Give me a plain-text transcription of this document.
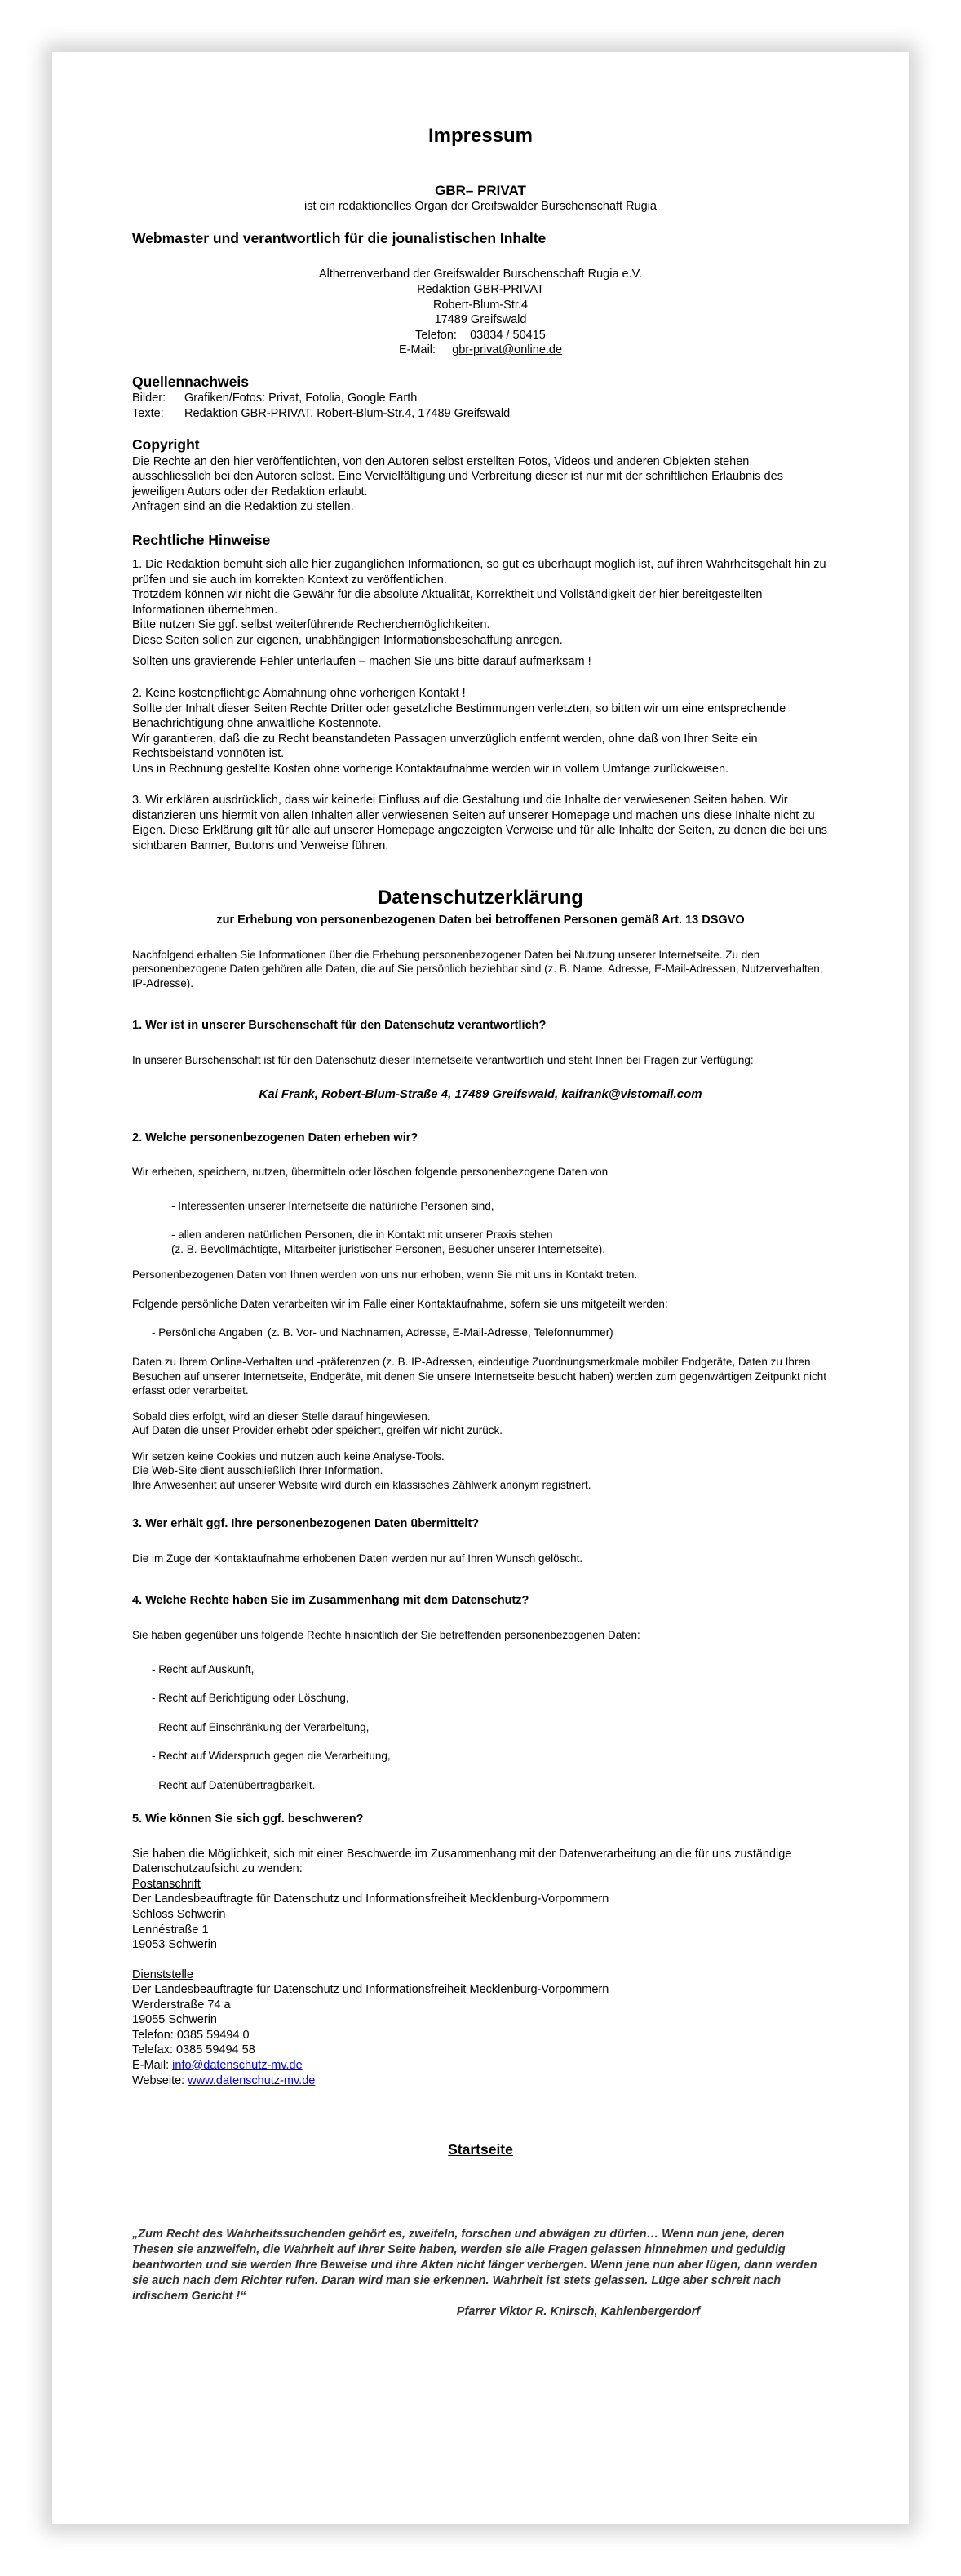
Impressum
GBR– PRIVAT
ist ein redaktionelles Organ der Greifswalder Burschenschaft Rugia
Webmaster und verantwortlich für die jounalistischen Inhalte

Altherrenverband der Greifswalder Burschenschaft Rugia e.V.

Redaktion GBR-PRIVAT

Robert-Blum-Str.4

17489 Greifswald

Telefon: 03834 / 50415

E-Mail: gbr-privat@online.de

Quellennachweis

Bilder: Grafiken/Fotos: Privat, Fotolia, Google Earth

Texte: Redaktion GBR-PRIVAT, Robert-Blum-Str.4, 17489 Greifswald

Copyright

Die Rechte an den hier veröffentlichten, von den Autoren selbst erstellten Fotos, Videos und anderen Objekten stehen ausschliesslich bei den Autoren selbst. Eine Vervielfältigung und Verbreitung dieser ist nur mit der schriftlichen Erlaubnis des jeweiligen Autors oder der Redaktion erlaubt.

Anfragen sind an die Redaktion zu stellen.

Rechtliche Hinweise

1. Die Redaktion bemüht sich alle hier zugänglichen Informationen, so gut es überhaupt möglich ist, auf ihren Wahrheitsgehalt hin zu prüfen und sie auch im korrekten Kontext zu veröffentlichen.

Trotzdem können wir nicht die Gewähr für die absolute Aktualität, Korrektheit und Vollständigkeit der hier bereitgestellten Informationen übernehmen.

Bitte nutzen Sie ggf. selbst weiterführende Recherchemöglichkeiten.

Diese Seiten sollen zur eigenen, unabhängigen Informationsbeschaffung anregen.

Sollten uns gravierende Fehler unterlaufen – machen Sie uns bitte darauf aufmerksam !

2. Keine kostenpflichtige Abmahnung ohne vorherigen Kontakt !

Sollte der Inhalt dieser Seiten Rechte Dritter oder gesetzliche Bestimmungen verletzten, so bitten wir um eine entsprechende Benachrichtigung ohne anwaltliche Kostennote.

Wir garantieren, daß die zu Recht beanstandeten Passagen unverzüglich entfernt werden, ohne daß von Ihrer Seite ein Rechtsbeistand vonnöten ist.

Uns in Rechnung gestellte Kosten ohne vorherige Kontaktaufnahme werden wir in vollem Umfange zurückweisen.

3. Wir erklären ausdrücklich, dass wir keinerlei Einfluss auf die Gestaltung und die Inhalte der verwiesenen Seiten haben. Wir distanzieren uns hiermit von allen Inhalten aller verwiesenen Seiten auf unserer Homepage und machen uns diese Inhalte nicht zu Eigen. Diese Erklärung gilt für alle auf unserer Homepage angezeigten Verweise und für alle Inhalte der Seiten, zu denen die bei uns sichtbaren Banner, Buttons und Verweise führen.

Datenschutzerklärung
zur Erhebung von personenbezogenen Daten bei betroffenen Personen gemäß Art. 13 DSGVO

Nachfolgend erhalten Sie Informationen über die Erhebung personenbezogener Daten bei Nutzung unserer Internetseite. Zu den personenbezogene Daten gehören alle Daten, die auf Sie persönlich beziehbar sind (z. B. Name, Adresse, E-Mail-Adressen, Nutzerverhalten, IP-Adresse).

1. Wer ist in unserer Burschenschaft für den Datenschutz verantwortlich?

In unserer Burschenschaft ist für den Datenschutz dieser Internetseite verantwortlich und steht Ihnen bei Fragen zur Verfügung:

Kai Frank, Robert-Blum-Straße 4, 17489 Greifswald, kaifrank@vistomail.com

2. Welche personenbezogenen Daten erheben wir?

Wir erheben, speichern, nutzen, übermitteln oder löschen folgende personenbezogene Daten von

- Interessenten unserer Internetseite die natürliche Personen sind,

- allen anderen natürlichen Personen, die in Kontakt mit unserer Praxis stehen

(z. B. Bevollmächtigte, Mitarbeiter juristischer Personen, Besucher unserer Internetseite).

Personenbezogenen Daten von Ihnen werden von uns nur erhoben, wenn Sie mit uns in Kontakt treten.

Folgende persönliche Daten verarbeiten wir im Falle einer Kontaktaufnahme, sofern sie uns mitgeteilt werden:

- Persönliche Angaben (z. B. Vor- und Nachnamen, Adresse, E-Mail-Adresse, Telefonnummer)

Daten zu Ihrem Online-Verhalten und -präferenzen (z. B. IP-Adressen, eindeutige Zuordnungsmerkmale mobiler Endgeräte, Daten zu Ihren Besuchen auf unserer Internetseite, Endgeräte, mit denen Sie unsere Internetseite besucht haben) werden zum gegenwärtigen Zeitpunkt nicht erfasst oder verarbeitet.

Sobald dies erfolgt, wird an dieser Stelle darauf hingewiesen.

Auf Daten die unser Provider erhebt oder speichert, greifen wir nicht zurück.

Wir setzen keine Cookies und nutzen auch keine Analyse-Tools.

Die Web-Site dient ausschließlich Ihrer Information.

Ihre Anwesenheit auf unserer Website wird durch ein klassisches Zählwerk anonym registriert.

3. Wer erhält ggf. Ihre personenbezogenen Daten übermittelt?

Die im Zuge der Kontaktaufnahme erhobenen Daten werden nur auf Ihren Wunsch gelöscht.

4. Welche Rechte haben Sie im Zusammenhang mit dem Datenschutz?

Sie haben gegenüber uns folgende Rechte hinsichtlich der Sie betreffenden personenbezogenen Daten:

- Recht auf Auskunft,

- Recht auf Berichtigung oder Löschung,

- Recht auf Einschränkung der Verarbeitung,

- Recht auf Widerspruch gegen die Verarbeitung,

- Recht auf Datenübertragbarkeit.

5. Wie können Sie sich ggf. beschweren?

Sie haben die Möglichkeit, sich mit einer Beschwerde im Zusammenhang mit der Datenverarbeitung an die für uns zuständige Datenschutzaufsicht zu wenden:

Postanschrift

Der Landesbeauftragte für Datenschutz und Informationsfreiheit Mecklenburg-Vorpommern

Schloss Schwerin

Lennéstraße 1

19053 Schwerin

Dienststelle

Der Landesbeauftragte für Datenschutz und Informationsfreiheit Mecklenburg-Vorpommern

Werderstraße 74 a

19055 Schwerin

Telefon: 0385 59494 0

Telefax: 0385 59494 58

E-Mail: info@datenschutz-mv.de

Webseite: www.datenschutz-mv.de

Startseite

„Zum Recht des Wahrheitssuchenden gehört es, zweifeln, forschen und abwägen zu dürfen… Wenn nun jene, deren Thesen sie anzweifeln, die Wahrheit auf Ihrer Seite haben, werden sie alle Fragen gelassen hinnehmen und geduldig beantworten und sie werden Ihre Beweise und ihre Akten nicht länger verbergen. Wenn jene nun aber lügen, dann werden sie auch nach dem Richter rufen. Daran wird man sie erkennen. Wahrheit ist stets gelassen. Lüge aber schreit nach irdischem Gericht !“

Pfarrer Viktor R. Knirsch, Kahlenbergerdorf
